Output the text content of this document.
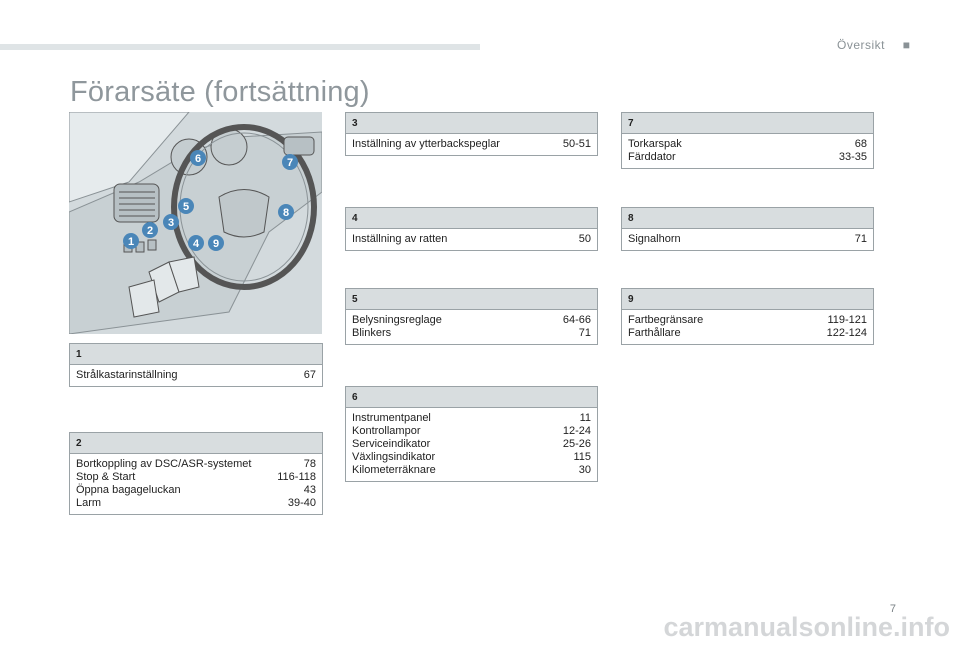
Översikt ■
Förarsäte (fortsättning)
1
2
3
4
5
6	7
8
9
1
Strålkastarinställning	67
2
Bortkoppling av DSC/ASR-systemet	78
Stop & Start	116-118
Öppna bagageluckan	43
Larm	39-40
3
Inställning av ytterbackspeglar	50-51
4
Inställning av ratten	50
5
Belysningsreglage	64-66
Blinkers	71
6
Instrumentpanel	11
Kontrollampor	12-24
Serviceindikator	25-26
Växlingsindikator	115
Kilometerräknare	30
7
Torkarspak	68
Färddator	33-35
8
Signalhorn	71
9
Fartbegränsare	119-121
Farthållare	122-124
7
carmanualsonline.info
